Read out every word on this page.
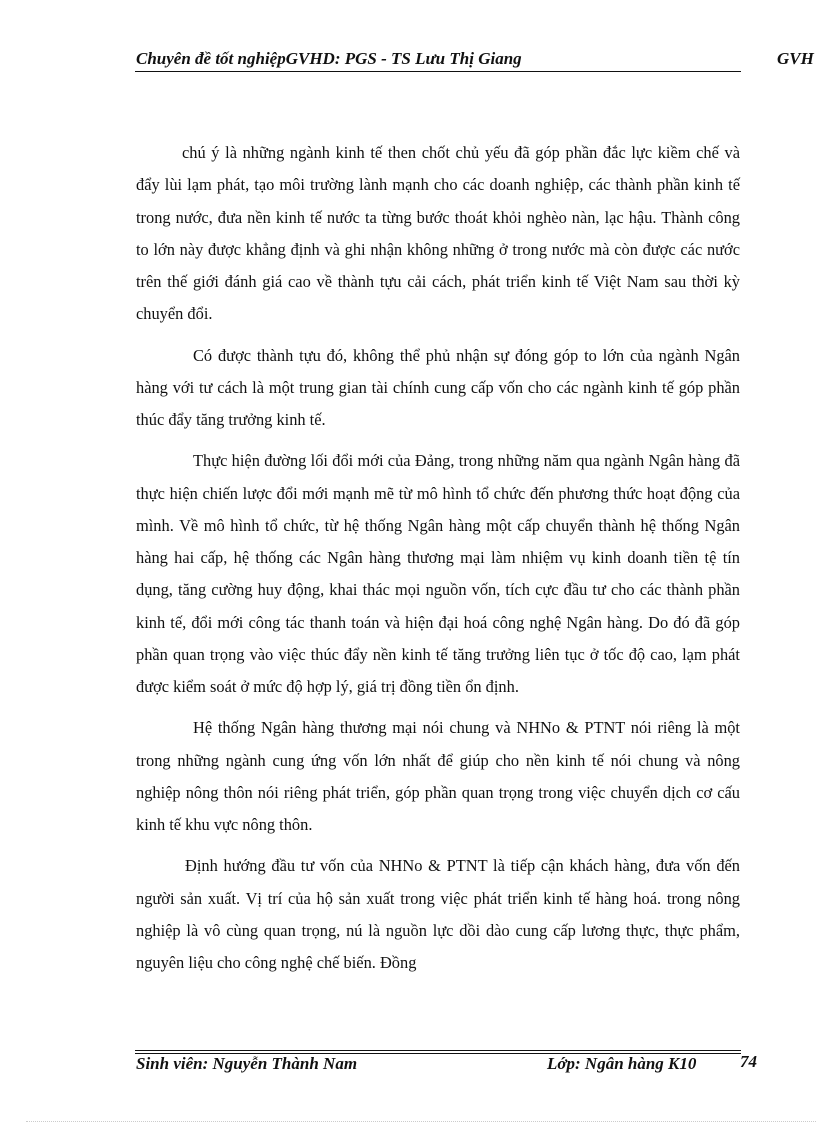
Chuyên đề tốt nghiệpGVHD: PGS - TS Lưu Thị Giang	GVH

chú ý là những ngành kinh tế then chốt chủ yếu đã góp phần đắc lực kiềm chế và đẩy lùi lạm phát, tạo môi trường lành mạnh cho các doanh nghiệp, các thành phần kinh tế trong nước, đưa nền kinh tế nước ta từng bước thoát khỏi nghèo nàn, lạc hậu. Thành công to lớn này được khẳng định và ghi nhận không những ở trong nước mà còn được các nước trên thế giới đánh giá cao về thành tựu cải cách, phát triển kinh tế Việt Nam sau thời kỳ chuyển đổi.

Có được thành tựu đó, không thể phủ nhận sự đóng góp to lớn của ngành Ngân hàng với tư cách là một trung gian tài chính cung cấp vốn cho các ngành kinh tế góp phần thúc đẩy tăng trưởng kinh tế.

Thực hiện đường lối đổi mới của Đảng, trong những năm qua ngành Ngân hàng đã thực hiện chiến lược đổi mới mạnh mẽ từ mô hình tổ chức đến phương thức hoạt động của mình. Về mô hình tổ chức, từ hệ thống Ngân hàng một cấp chuyển thành hệ thống Ngân hàng hai cấp, hệ thống các Ngân hàng thương mại làm nhiệm vụ kinh doanh tiền tệ tín dụng, tăng cường huy động, khai thác mọi nguồn vốn, tích cực đầu tư cho các thành phần kinh tế, đổi mới công tác thanh toán và hiện đại hoá công nghệ Ngân hàng. Do đó đã góp phần quan trọng vào việc thúc đẩy nền kinh tế tăng trưởng liên tục ở tốc độ cao, lạm phát được kiểm soát ở mức độ hợp lý, giá trị đồng tiền ổn định.

Hệ thống Ngân hàng thương mại nói chung và NHNo & PTNT nói riêng là một trong những ngành cung ứng vốn lớn nhất để giúp cho nền kinh tế nói chung và nông nghiệp nông thôn nói riêng phát triển, góp phần quan trọng trong việc chuyển dịch cơ cấu kinh tế khu vực nông thôn.

Định hướng đầu tư vốn của NHNo & PTNT là tiếp cận khách hàng, đưa vốn đến người sản xuất. Vị trí của hộ sản xuất trong việc phát triển kinh tế hàng hoá. trong nông nghiệp là vô cùng quan trọng, nú là nguồn lực dồi dào cung cấp lương thực, thực phẩm, nguyên liệu cho công nghệ chế biến. Đồng

Sinh viên: Nguyễn Thành Nam	Lớp: Ngân hàng K10	74
